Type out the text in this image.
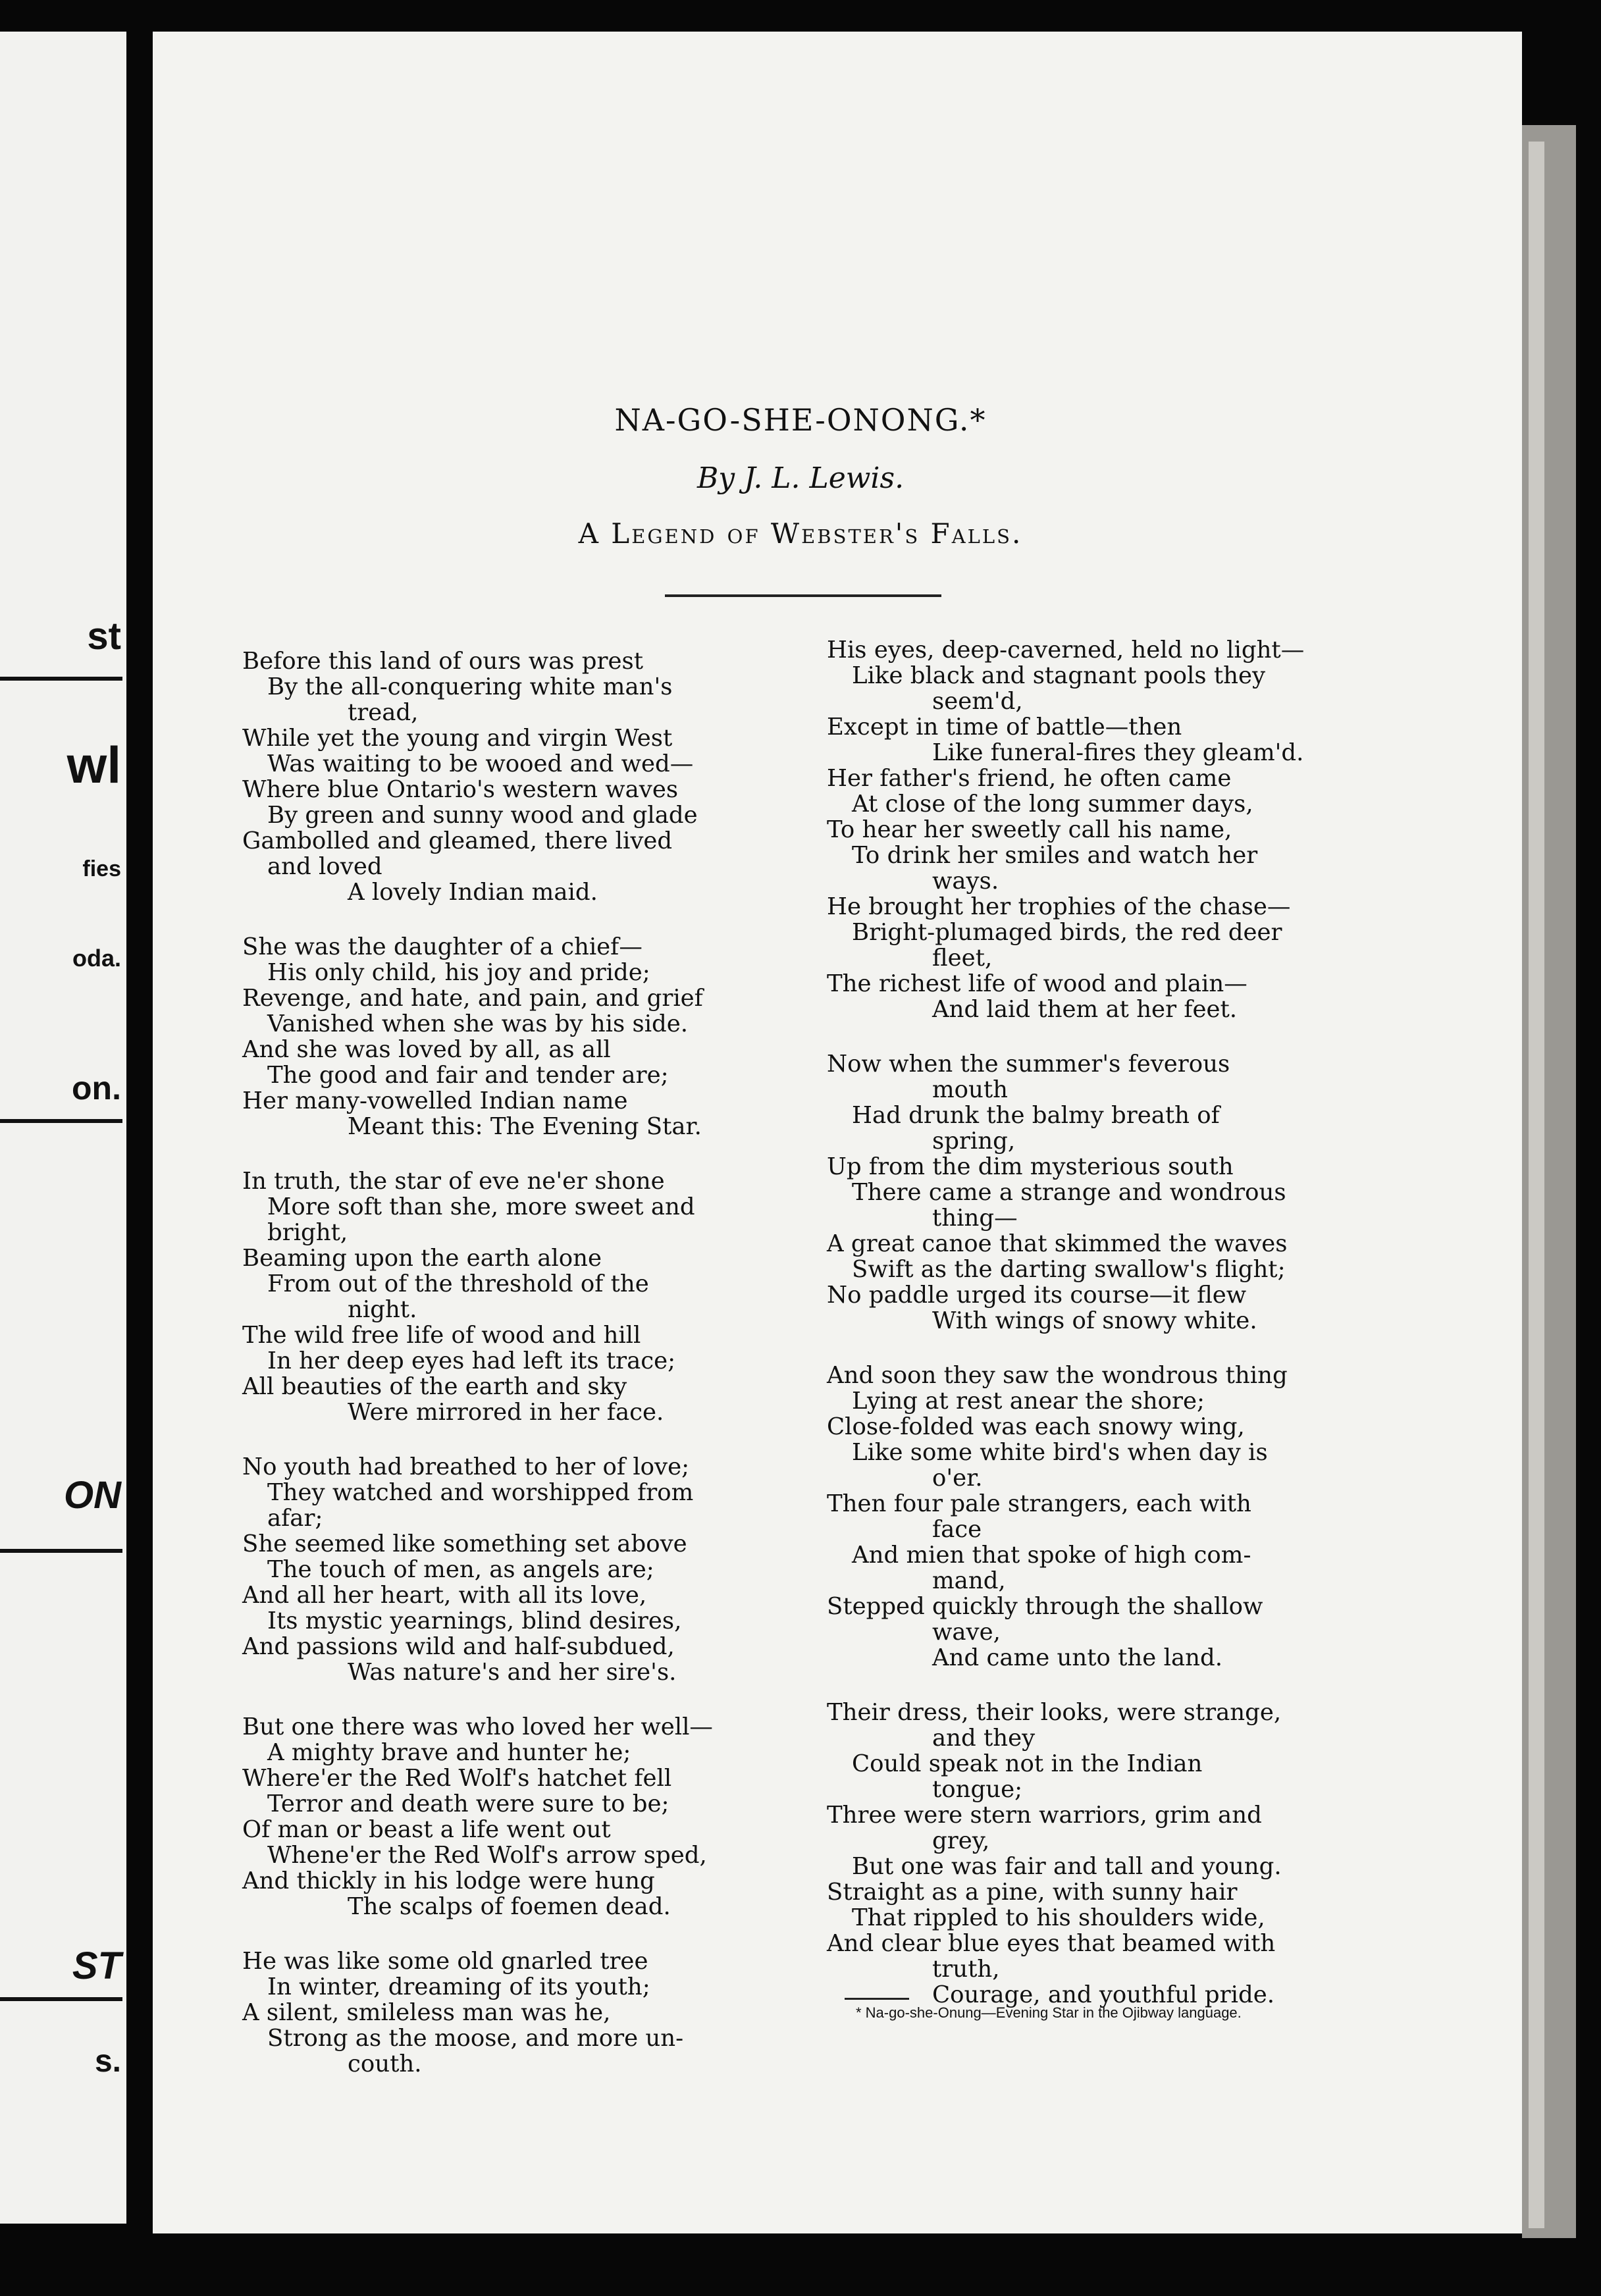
st

wl

fies

oda.

on.

ON

ST

s.

NA-GO-SHE-ONONG.*

By J. L. Lewis.

A Legend of Webster's Falls.

Before this land of ours was prest

By the all-conquering white man's

tread,

While yet the young and virgin West

Was waiting to be wooed and wed—

Where blue Ontario's western waves

By green and sunny wood and glade

Gambolled and gleamed, there lived

and loved

A lovely Indian maid.

She was the daughter of a chief—

His only child, his joy and pride;

Revenge, and hate, and pain, and grief

Vanished when she was by his side.

And she was loved by all, as all

The good and fair and tender are;

Her many-vowelled Indian name

Meant this: The Evening Star.

In truth, the star of eve ne'er shone

More soft than she, more sweet and

bright,

Beaming upon the earth alone

From out of the threshold of the

night.

The wild free life of wood and hill

In her deep eyes had left its trace;

All beauties of the earth and sky

Were mirrored in her face.

No youth had breathed to her of love;

They watched and worshipped from

afar;

She seemed like something set above

The touch of men, as angels are;

And all her heart, with all its love,

Its mystic yearnings, blind desires,

And passions wild and half-subdued,

Was nature's and her sire's.

But one there was who loved her well—

A mighty brave and hunter he;

Where'er the Red Wolf's hatchet fell

Terror and death were sure to be;

Of man or beast a life went out

Whene'er the Red Wolf's arrow sped,

And thickly in his lodge were hung

The scalps of foemen dead.

He was like some old gnarled tree

In winter, dreaming of its youth;

A silent, smileless man was he,

Strong as the moose, and more un-

couth.

His eyes, deep-caverned, held no light—

Like black and stagnant pools they

seem'd,

Except in time of battle—then

Like funeral-fires they gleam'd.

Her father's friend, he often came

At close of the long summer days,

To hear her sweetly call his name,

To drink her smiles and watch her

ways.

He brought her trophies of the chase—

Bright-plumaged birds, the red deer

fleet,

The richest life of wood and plain—

And laid them at her feet.

Now when the summer's feverous

mouth

Had drunk the balmy breath of

spring,

Up from the dim mysterious south

There came a strange and wondrous

thing—

A great canoe that skimmed the waves

Swift as the darting swallow's flight;

No paddle urged its course—it flew

With wings of snowy white.

And soon they saw the wondrous thing

Lying at rest anear the shore;

Close-folded was each snowy wing,

Like some white bird's when day is

o'er.

Then four pale strangers, each with

face

And mien that spoke of high com-

mand,

Stepped quickly through the shallow

wave,

And came unto the land.

Their dress, their looks, were strange,

and they

Could speak not in the Indian

tongue;

Three were stern warriors, grim and

grey,

But one was fair and tall and young.

Straight as a pine, with sunny hair

That rippled to his shoulders wide,

And clear blue eyes that beamed with

truth,

Courage, and youthful pride.

* Na-go-she-Onung—Evening Star in the Ojibway language.
